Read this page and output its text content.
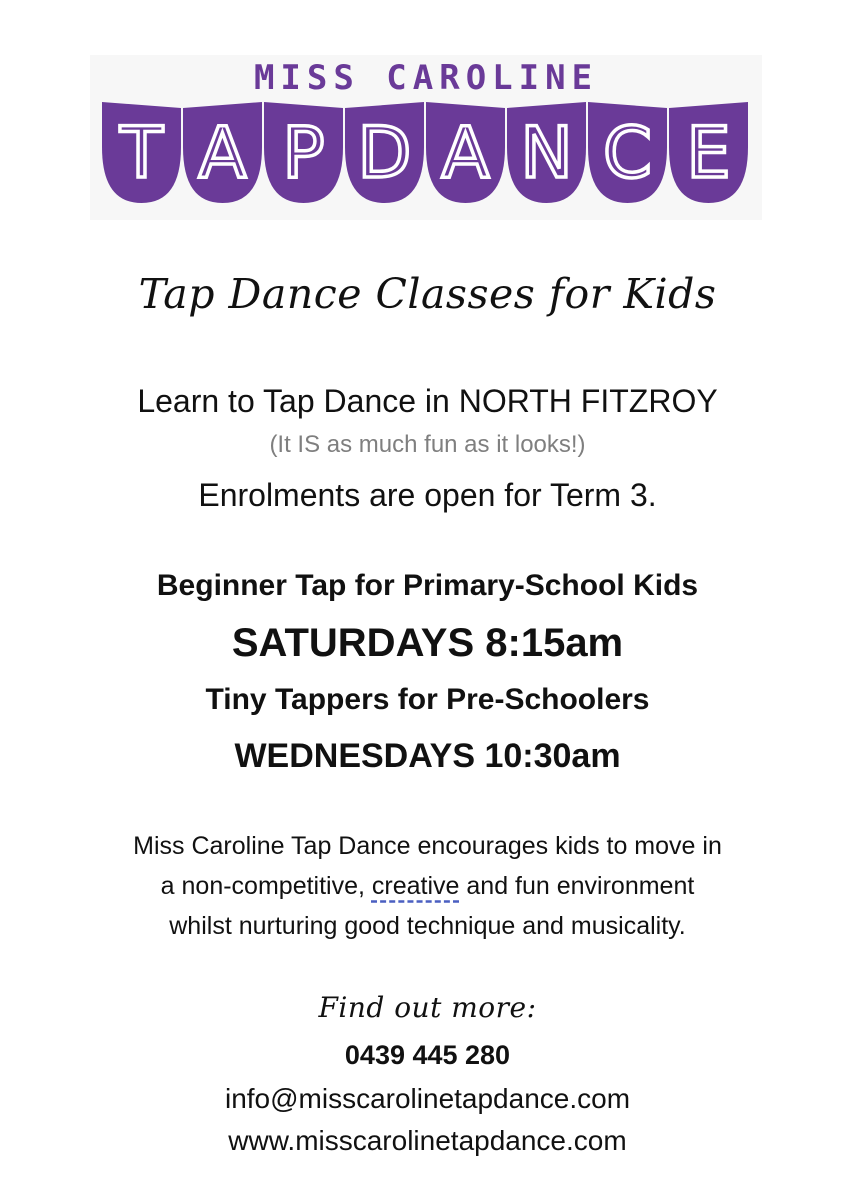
MISS CAROLINE
T A P D A N C E
Tap Dance Classes for Kids
Learn to Tap Dance in NORTH FITZROY
(It IS as much fun as it looks!)
Enrolments are open for Term 3.
Beginner Tap for Primary-School Kids
SATURDAYS 8:15am
Tiny Tappers for Pre-Schoolers
WEDNESDAYS 10:30am
Miss Caroline Tap Dance encourages kids to move in
a non-competitive, creative and fun environment
whilst nurturing good technique and musicality.
Find out more:
0439 445 280
info@misscarolinetapdance.com
www.misscarolinetapdance.com
